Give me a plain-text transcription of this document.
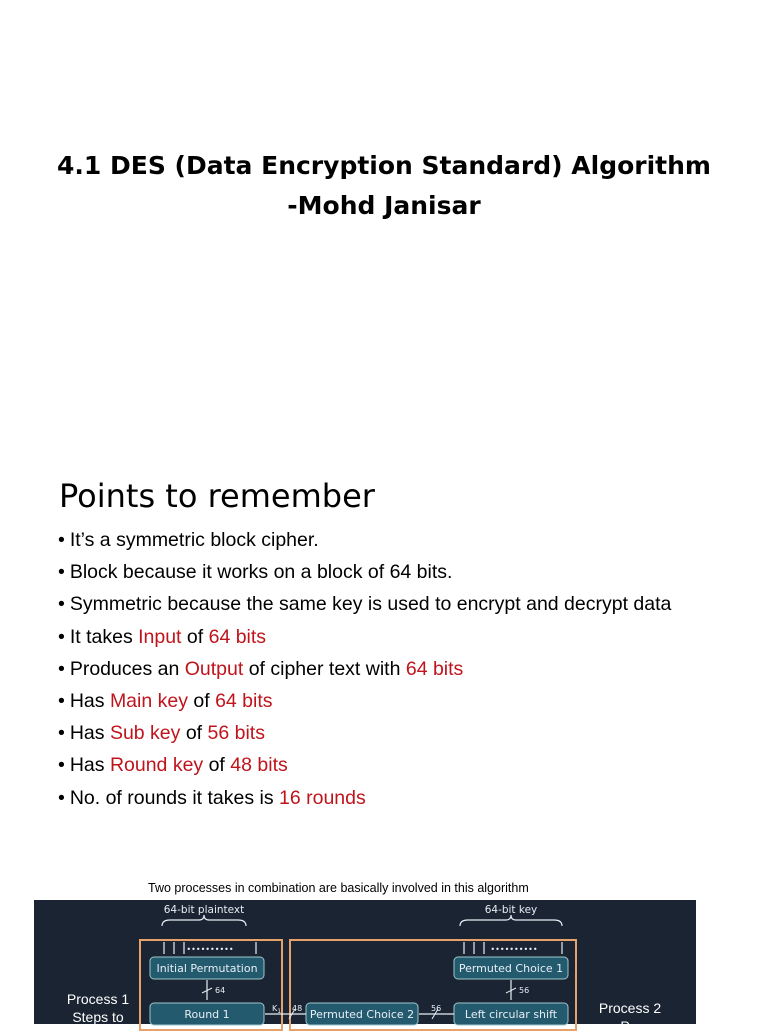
4.1 DES (Data Encryption Standard) Algorithm
-Mohd Janisar
Points to remember
• It’s a symmetric block cipher.
• Block because it works on a block of 64 bits.
• Symmetric because the same key is used to encrypt and decrypt data
• It takes Input of 64 bits
• Produces an Output of cipher text with 64 bits
• Has Main key of 64 bits
• Has Sub key of 56 bits
• Has Round key of 48 bits
• No. of rounds it takes is 16 rounds
Two processes in combination are basically involved in this algorithm
64-bit plaintext	64-bit key
••••••••••	••••••••••
Initial Permutation	Permuted Choice 1
64	56
Round 1	Permuted Choice 2	Left circular shift
56
$K_1$ 48
Process 1
Steps to
Process 2
P...
